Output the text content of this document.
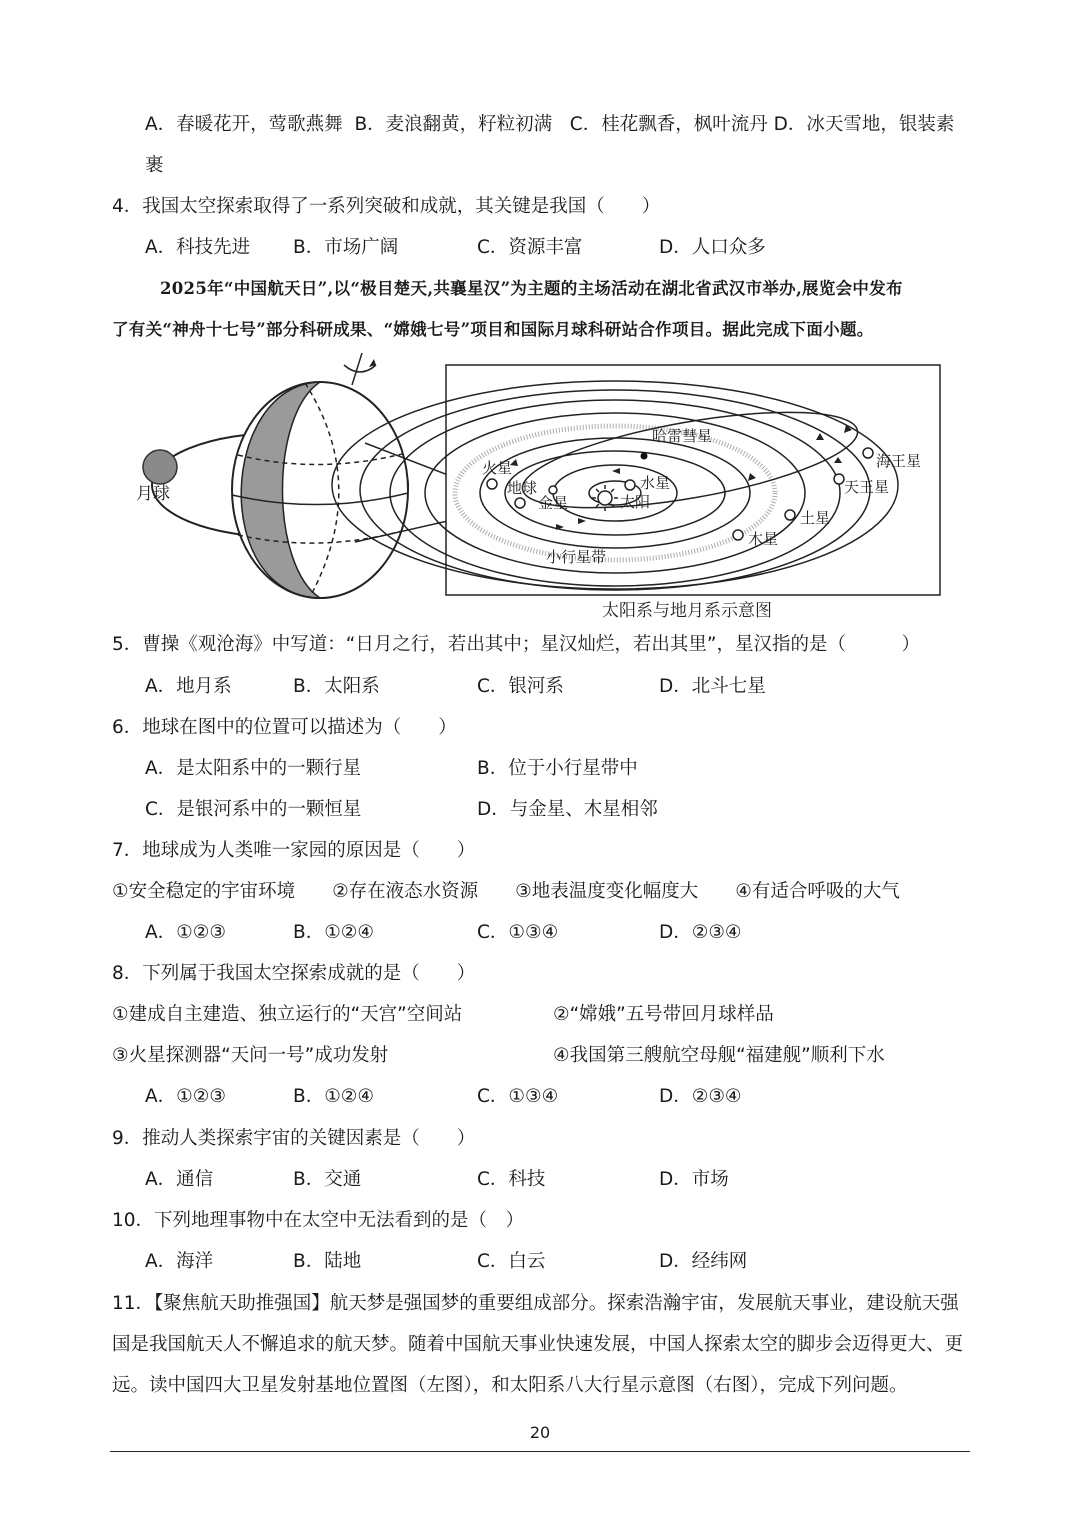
A．春暖花开，莺歌燕舞 B．麦浪翻黄，籽粒初满 C．桂花飘香，枫叶流丹 D．冰天雪地，银装素
裹
4．我国太空探索取得了一系列突破和成就，其关键是我国（　　）
A．科技先进 B．市场广阔	C．资源丰富	D．人口众多
2025年“中国航天日”,以“极目楚天,共襄星汉”为主题的主场活动在湖北省武汉市举办,展览会中发布
了有关“神舟十七号”部分科研成果、“嫦娥七号”项目和国际月球科研站合作项目。据此完成下面小题。
月球	太阳
水星
金星
地球
火星
木星
土星
天王星
海王星
哈雷彗星
小行星带
太阳系与地月系示意图
5．曹操《观沧海》中写道：“日月之行，若出其中；星汉灿烂，若出其里”，星汉指的是（　　　）
A．地月系	B．太阳系	C．银河系	D．北斗七星
6．地球在图中的位置可以描述为（　　）
A．是太阳系中的一颗行星	B．位于小行星带中
C．是银河系中的一颗恒星	D．与金星、木星相邻
7．地球成为人类唯一家园的原因是（　　）
①安全稳定的宇宙环境　　②存在液态水资源　　③地表温度变化幅度大　　④有适合呼吸的大气
A．①②③	B．①②④	C．①③④	D．②③④
8．下列属于我国太空探索成就的是（　　）
①建成自主建造、独立运行的“天宫”空间站	②“嫦娥”五号带回月球样品
③火星探测器“天问一号”成功发射	④我国第三艘航空母舰“福建舰”顺利下水
A．①②③	B．①②④	C．①③④	D．②③④
9．推动人类探索宇宙的关键因素是（　　）
A．通信	B．交通	C．科技	D．市场
10．下列地理事物中在太空中无法看到的是（　）
A．海洋	B．陆地	C．白云	D．经纬网
11．【聚焦航天助推强国】航天梦是强国梦的重要组成部分。探索浩瀚宇宙，发展航天事业，建设航天强
国是我国航天人不懈追求的航天梦。随着中国航天事业快速发展，中国人探索太空的脚步会迈得更大、更
远。读中国四大卫星发射基地位置图（左图），和太阳系八大行星示意图（右图），完成下列问题。
20
